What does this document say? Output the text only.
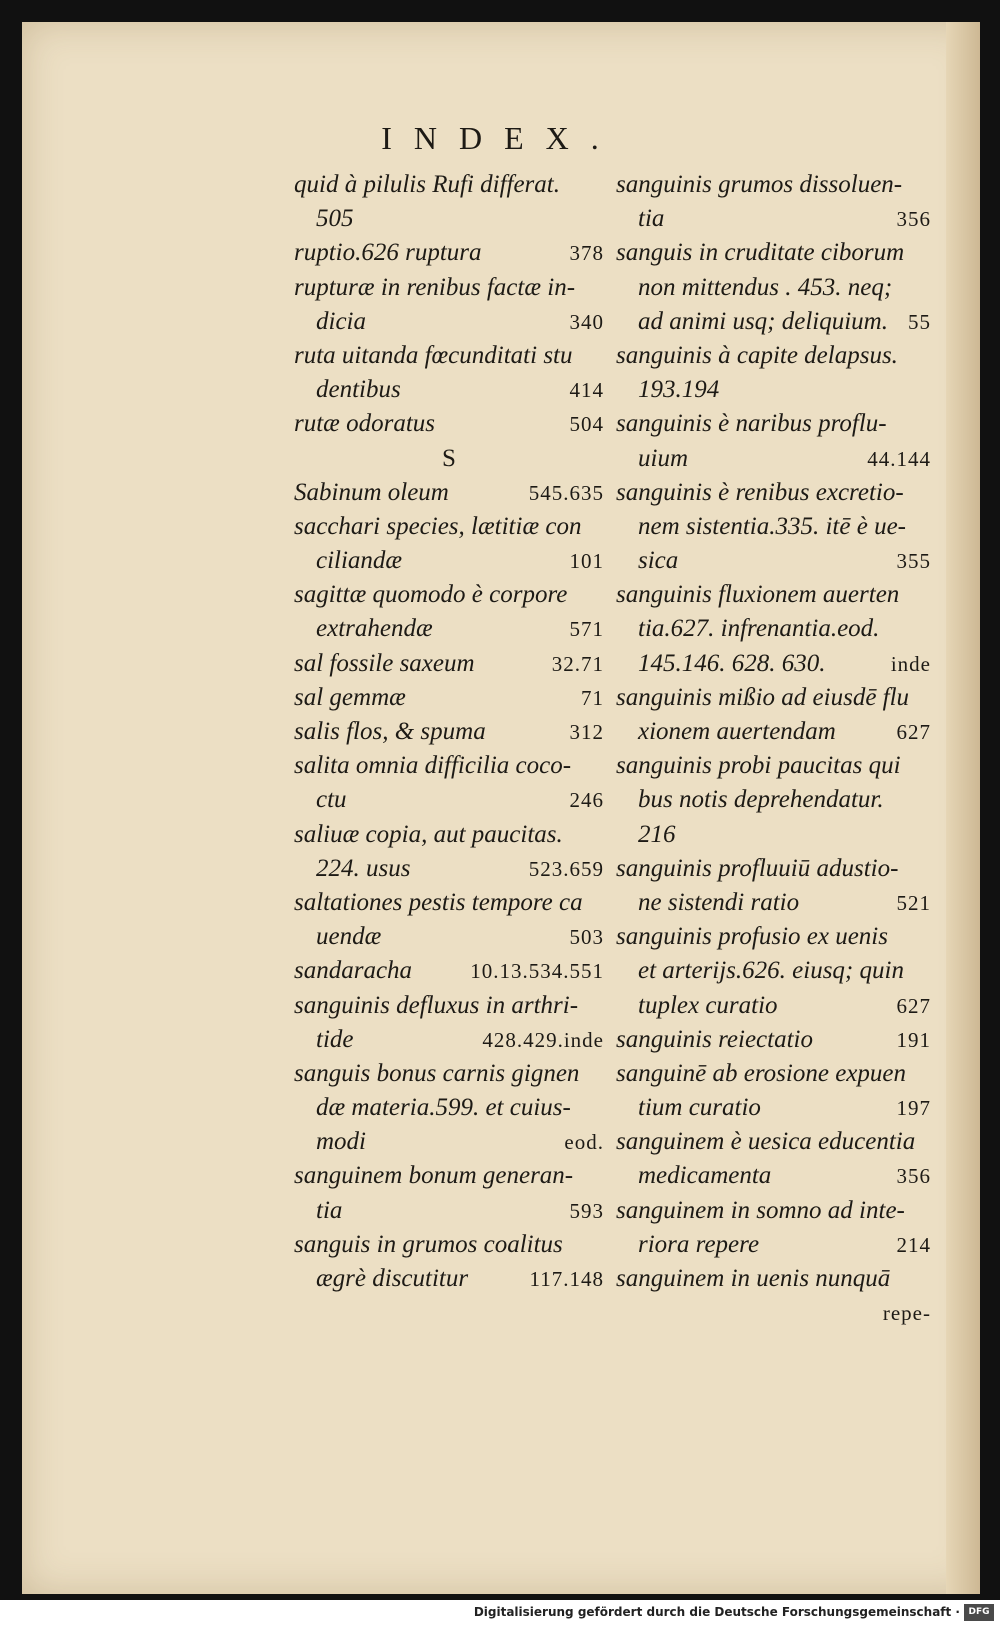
INDEX.
quid à pilulis Rufi differat.
505
ruptio.626 ruptura	378
rupturæ in renibus factæ in-
dicia	340
ruta uitanda fœcunditati stu
dentibus	414
rutæ odoratus	504
S
Sabinum oleum	545.635
sacchari species, lætitiæ con
ciliandæ	101
sagittæ quomodo è corpore
extrahendæ	571
sal fossile saxeum	32.71
sal gemmæ	71
salis flos, & spuma	312
salita omnia difficilia coco-
ctu	246
saliuæ copia, aut paucitas.
224. usus	523.659
saltationes pestis tempore ca
uendæ	503
sandaracha	10.13.534.551
sanguinis defluxus in arthri-
tide	428.429.inde
sanguis bonus carnis gignen
dæ materia.599. et cuius-
modi	eod.
sanguinem bonum generan-
tia	593
sanguis in grumos coalitus
ægrè discutitur	117.148
sanguinis grumos dissoluen-
tia	356
sanguis in cruditate ciborum
non mittendus . 453. neq;
ad animi usq; deliquium. 55
sanguinis à capite delapsus.
193.194
sanguinis è naribus proflu-
uium	44.144
sanguinis è renibus excretio-
nem sistentia.335. itē è ue-
sica	355
sanguinis fluxionem auerten
tia.627. infrenantia.eod.
145.146. 628. 630.	inde
sanguinis mißio ad eiusdē flu
xionem auertendam	627
sanguinis probi paucitas qui
bus notis deprehendatur.
216
sanguinis profluuiū adustio-
ne sistendi ratio	521
sanguinis profusio ex uenis
et arterijs.626. eiusq; quin
tuplex curatio	627
sanguinis reiectatio	191
sanguinē ab erosione expuen
tium curatio	197
sanguinem è uesica educentia
medicamenta	356
sanguinem in somno ad inte-
riora repere	214
sanguinem in uenis nunquā
repe-
Digitalisierung gefördert durch die Deutsche Forschungsgemeinschaft · DFG
